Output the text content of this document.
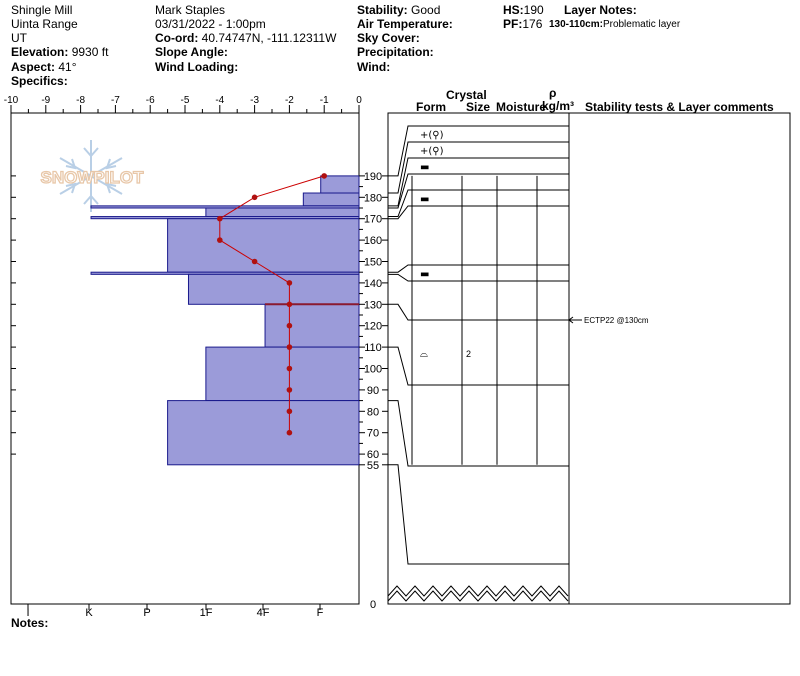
Shingle Mill
Uinta Range
UT
Elevation: 9930 ft
Aspect: 41°
Specifics:
Mark Staples
03/31/2022 - 1:00pm
Co-ord: 40.74747N, -111.12311W
Slope Angle:
Wind Loading:
Stability: Good
Air Temperature:
Sky Cover:
Precipitation:
Wind:
HS:190
PF:176
Layer Notes:
130-110cm:Problematic layer
Crystal
Form Size Moisture
ρ
kg/m³ Stability tests & Layer comments
Notes:
SNOWPILOT
-10 -9	-8	-7	-6	-5	-4	-3	-2	-1	0
I	K	P	1F	4F	F
190
180
170
160
150
140
130
120
110
100
90
80
70
60
55
0
+(⚲)
+(⚲)
▬
▬
▬
⌓	2
ECTP22 @130cm
